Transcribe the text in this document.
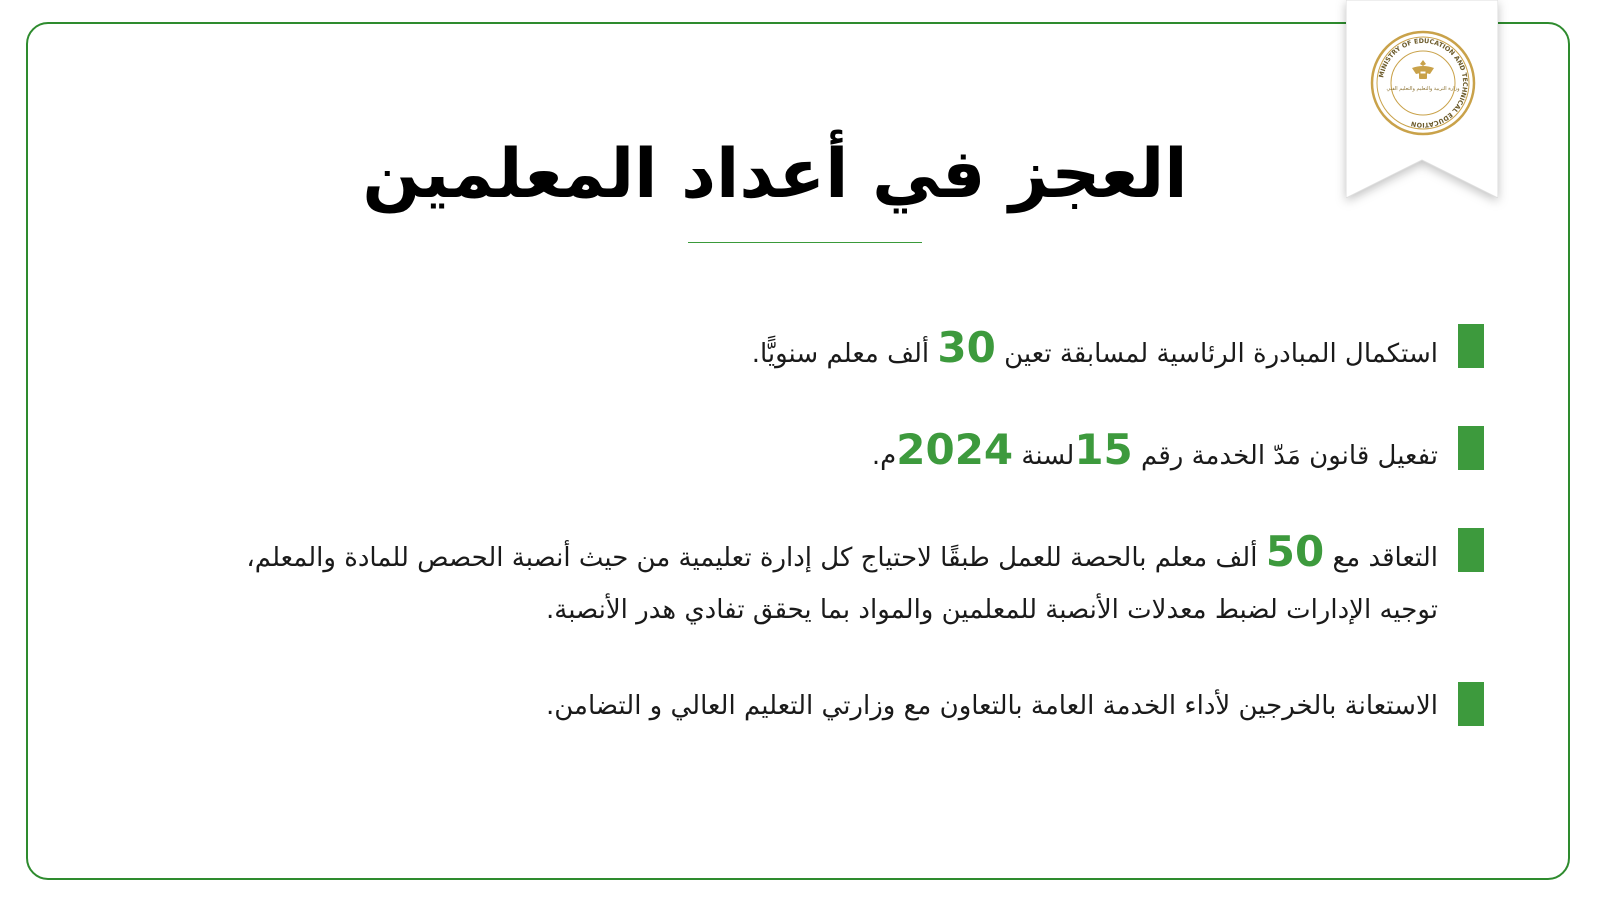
MINISTRY OF EDUCATION AND TECHNICAL EDUCATION
وزارة التربية والتعليم والتعليم الفني
العجز في أعداد المعلمين
استكمال المبادرة الرئاسية لمسابقة تعين 30 ألف معلم سنويًّا.
تفعيل قانون مَدّ الخدمة رقم 15لسنة 2024م.
التعاقد مع 50 ألف معلم بالحصة للعمل طبقًا لاحتياج كل إدارة تعليمية من حيث أنصبة الحصص للمادة والمعلم، توجيه الإدارات لضبط معدلات الأنصبة للمعلمين والمواد بما يحقق تفادي هدر الأنصبة.
الاستعانة بالخرجين لأداء الخدمة العامة بالتعاون مع وزارتي التعليم العالي و التضامن.
